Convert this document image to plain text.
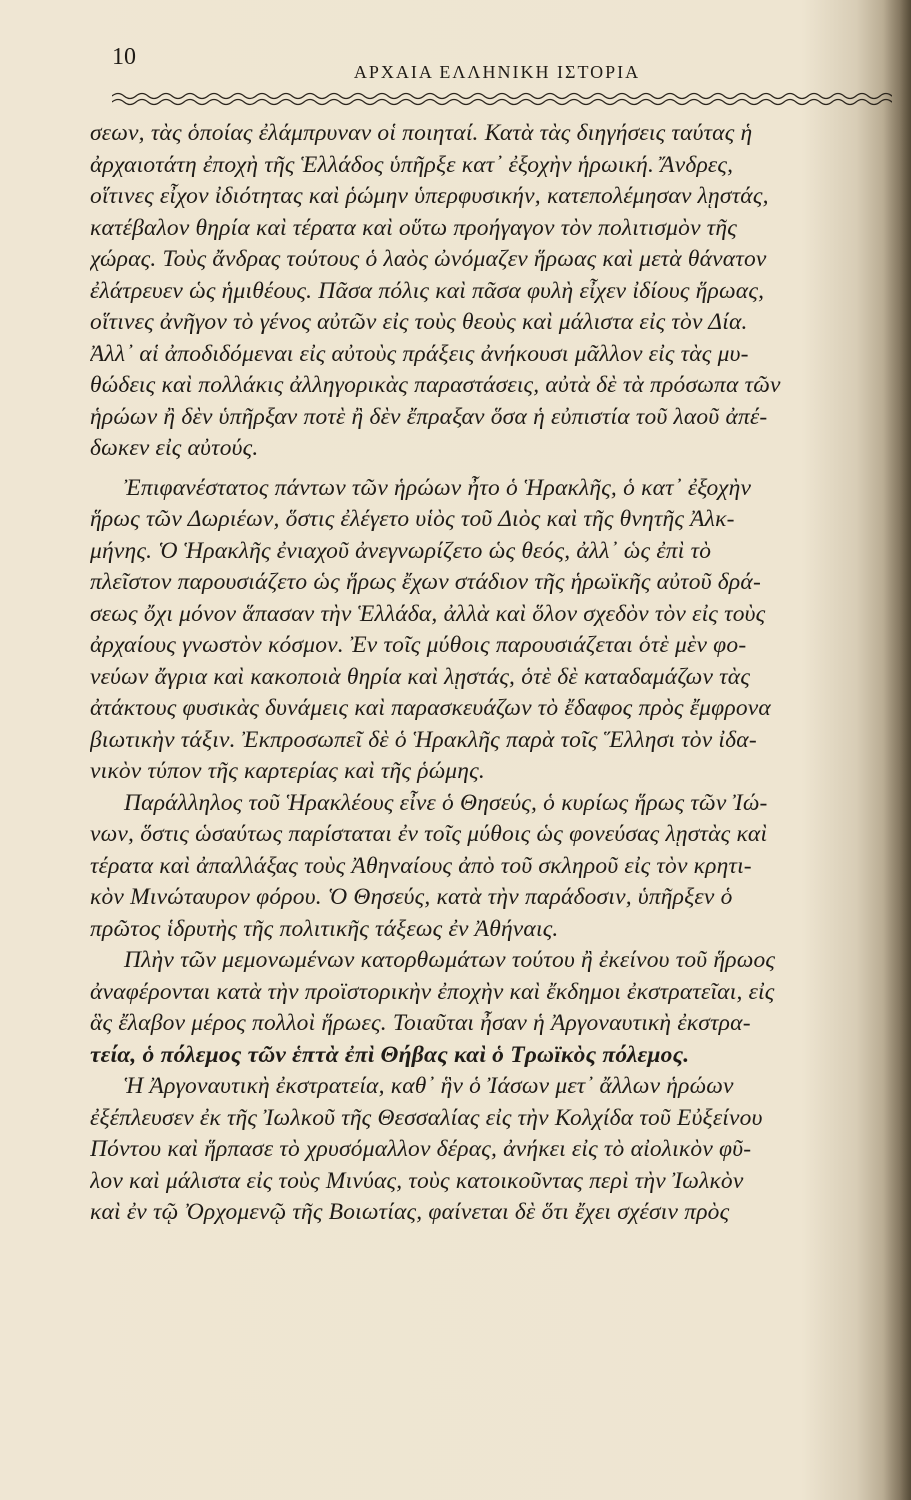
10
ΑΡΧΑΙΑ ΕΛΛΗΝΙΚΗ ΙΣΤΟΡΙΑ
σεων, τὰς ὁποίας ἐλάμπρυναν οἱ ποιηταί. Κατὰ τὰς διηγήσεις ταύτας ἡ
ἀρχαιοτάτη ἐποχὴ τῆς Ἑλλάδος ὑπῆρξε κατ᾽ ἐξοχὴν ἡρωική. Ἄνδρες,
οἵτινες εἶχον ἰδιότητας καὶ ῥώμην ὑπερφυσικήν, κατεπολέμησαν λῃστάς,
κατέβαλον θηρία καὶ τέρατα καὶ οὕτω προήγαγον τὸν πολιτισμὸν τῆς
χώρας. Τοὺς ἄνδρας τούτους ὁ λαὸς ὠνόμαζεν ἥρωας καὶ μετὰ θάνατον
ἐλάτρευεν ὡς ἡμιθέους. Πᾶσα πόλις καὶ πᾶσα φυλὴ εἶχεν ἰδίους ἥρωας,
οἵτινες ἀνῆγον τὸ γένος αὐτῶν εἰς τοὺς θεοὺς καὶ μάλιστα εἰς τὸν Δία.
Ἀλλ᾽ αἱ ἀποδιδόμεναι εἰς αὐτοὺς πράξεις ἀνήκουσι μᾶλλον εἰς τὰς μυ-
θώδεις καὶ πολλάκις ἀλληγορικὰς παραστάσεις, αὐτὰ δὲ τὰ πρόσωπα τῶν
ἡρώων ἢ δὲν ὑπῆρξαν ποτὲ ἢ δὲν ἔπραξαν ὅσα ἡ εὐπιστία τοῦ λαοῦ ἀπέ-
δωκεν εἰς αὐτούς.
Ἐπιφανέστατος πάντων τῶν ἡρώων ἦτο ὁ Ἡρακλῆς, ὁ κατ᾽ ἐξοχὴν
ἥρως τῶν Δωριέων, ὅστις ἐλέγετο υἱὸς τοῦ Διὸς καὶ τῆς θνητῆς Ἀλκ-
μήνης. Ὁ Ἡρακλῆς ἐνιαχοῦ ἀνεγνωρίζετο ὡς θεός, ἀλλ᾽ ὡς ἐπὶ τὸ
πλεῖστον παρουσιάζετο ὡς ἥρως ἔχων στάδιον τῆς ἡρωϊκῆς αὐτοῦ δρά-
σεως ὄχι μόνον ἅπασαν τὴν Ἑλλάδα, ἀλλὰ καὶ ὅλον σχεδὸν τὸν εἰς τοὺς
ἀρχαίους γνωστὸν κόσμον. Ἐν τοῖς μύθοις παρουσιάζεται ὁτὲ μὲν φο-
νεύων ἄγρια καὶ κακοποιὰ θηρία καὶ λῃστάς, ὁτὲ δὲ καταδαμάζων τὰς
ἀτάκτους φυσικὰς δυνάμεις καὶ παρασκευάζων τὸ ἔδαφος πρὸς ἔμφρονα
βιωτικὴν τάξιν. Ἐκπροσωπεῖ δὲ ὁ Ἡρακλῆς παρὰ τοῖς Ἕλλησι τὸν ἰδα-
νικὸν τύπον τῆς καρτερίας καὶ τῆς ῥώμης.
Παράλληλος τοῦ Ἡρακλέους εἶνε ὁ Θησεύς, ὁ κυρίως ἥρως τῶν Ἰώ-
νων, ὅστις ὡσαύτως παρίσταται ἐν τοῖς μύθοις ὡς φονεύσας λῃστὰς καὶ
τέρατα καὶ ἀπαλλάξας τοὺς Ἀθηναίους ἀπὸ τοῦ σκληροῦ εἰς τὸν κρητι-
κὸν Μινώταυρον φόρου. Ὁ Θησεύς, κατὰ τὴν παράδοσιν, ὑπῆρξεν ὁ
πρῶτος ἱδρυτὴς τῆς πολιτικῆς τάξεως ἐν Ἀθήναις.
Πλὴν τῶν μεμονωμένων κατορθωμάτων τούτου ἢ ἐκείνου τοῦ ἥρωος
ἀναφέρονται κατὰ τὴν προϊστορικὴν ἐποχὴν καὶ ἔκδημοι ἐκστρατεῖαι, εἰς
ἃς ἔλαβον μέρος πολλοὶ ἥρωες. Τοιαῦται ἦσαν ἡ Ἀργοναυτικὴ ἐκστρα-
τεία, ὁ πόλεμος τῶν ἑπτὰ ἐπὶ Θήβας καὶ ὁ Τρωϊκὸς πόλεμος.
Ἡ Ἀργοναυτικὴ ἐκστρατεία, καθ᾽ ἣν ὁ Ἰάσων μετ᾽ ἄλλων ἡρώων
ἐξέπλευσεν ἐκ τῆς Ἰωλκοῦ τῆς Θεσσαλίας εἰς τὴν Κολχίδα τοῦ Εὐξείνου
Πόντου καὶ ἥρπασε τὸ χρυσόμαλλον δέρας, ἀνήκει εἰς τὸ αἰολικὸν φῦ-
λον καὶ μάλιστα εἰς τοὺς Μινύας, τοὺς κατοικοῦντας περὶ τὴν Ἰωλκὸν
καὶ ἐν τῷ Ὀρχομενῷ τῆς Βοιωτίας, φαίνεται δὲ ὅτι ἔχει σχέσιν πρὸς
